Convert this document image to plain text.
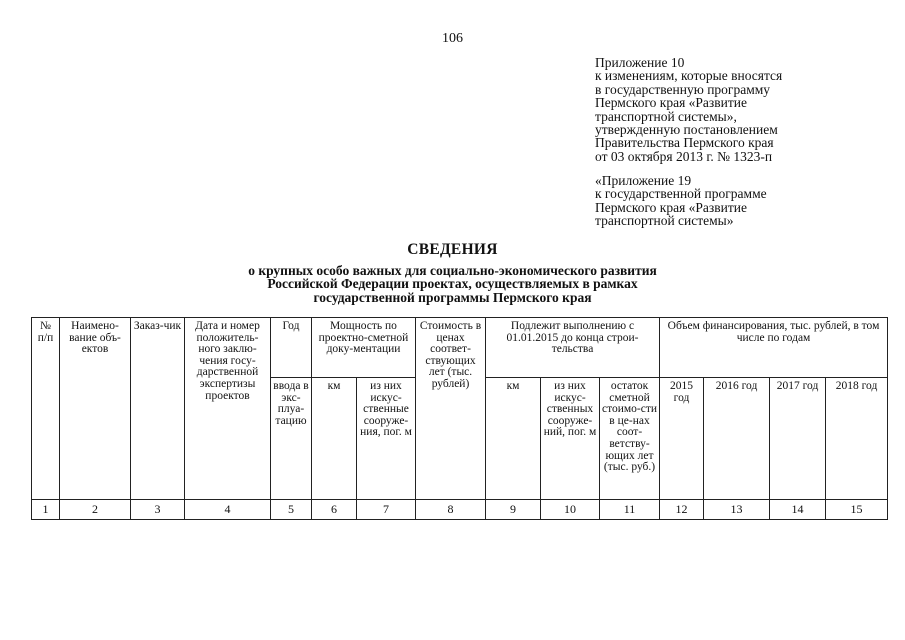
106
Приложение 10
к изменениям, которые вносятся
в государственную программу
Пермского края «Развитие
транспортной системы»,
утвержденную постановлением
Правительства Пермского края
от 03 октября 2013 г. № 1323-п
«Приложение 19
к государственной программе
Пермского края «Развитие
транспортной системы»
СВЕДЕНИЯ
о крупных особо важных для социально-экономического развития
Российской Федерации проектах, осуществляемых в рамках
государственной программы Пермского края
№ п/п	Наимено-вание объ-ектов	Заказ-чик	Дата и номер положитель-ного заклю-чения госу-дарственной экспертизы проектов	Год	Мощность по проектно-сметной доку-ментации		Стоимость в ценах соответ-ствующих лет (тыс. рублей)	Подлежит выполнению с 01.01.2015 до конца строи-тельства			Объем финансирования, тыс. рублей, в том числе по годам			
				ввода в экс-плуа-тацию	км	из них искус-ственные сооруже-ния, пог. м		км	из них искус-ственных сооруже-ний, пог. м	остаток сметной стоимо-сти в це-нах соот-ветству-ющих лет (тыс. руб.)	2015 год	2016 год	2017 год	2018 год
1	2	3	4	5	6	7	8	9	10	11	12	13	14	15
